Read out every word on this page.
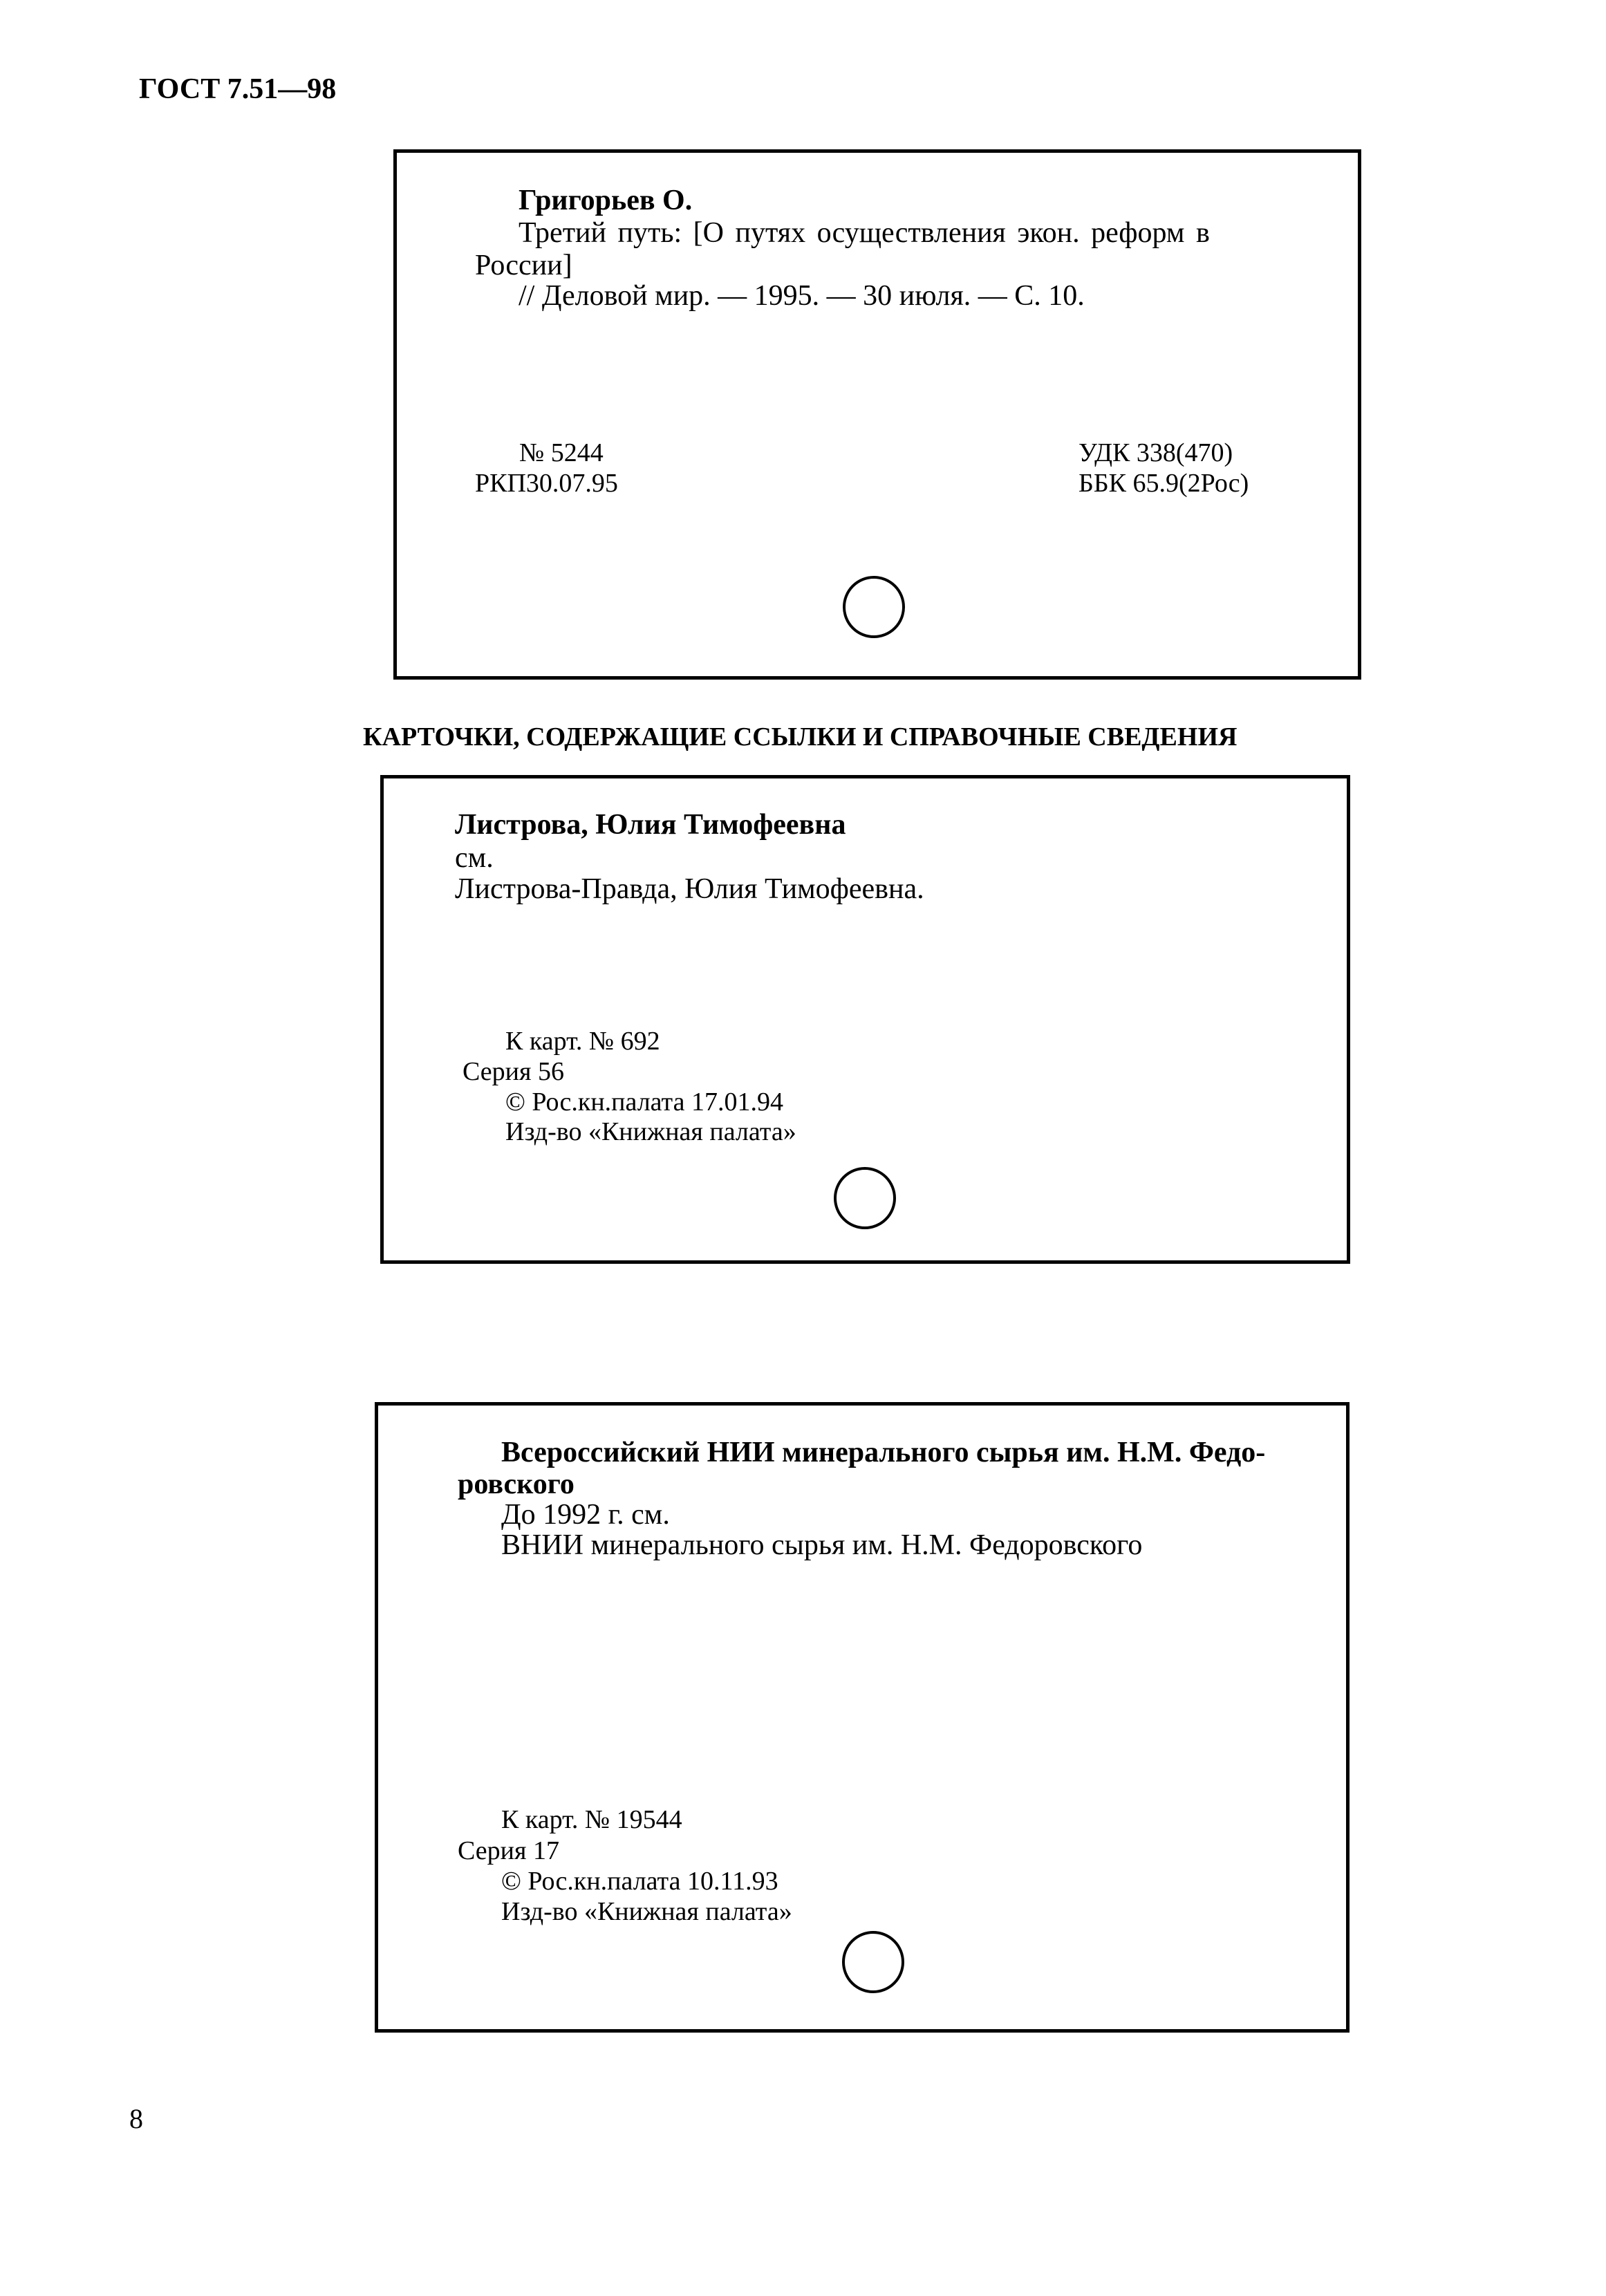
ГОСТ 7.51—98
Григорьев О.
Третий путь: [О путях осуществления экон. реформ в
России]
// Деловой мир. — 1995. — 30 июля. — С. 10.
№ 5244
РКП30.07.95
УДК 338(470)
ББК 65.9(2Рос)
КАРТОЧКИ, СОДЕРЖАЩИЕ ССЫЛКИ И СПРАВОЧНЫЕ СВЕДЕНИЯ
Листрова, Юлия Тимофеевна
см.
Листрова-Правда, Юлия Тимофеевна.
К карт. № 692
Серия 56
© Рос.кн.палата 17.01.94
Изд-во «Книжная палата»
Всероссийский НИИ минерального сырья им. Н.М. Федо-
ровского
До 1992 г. см.
ВНИИ минерального сырья им. Н.М. Федоровского
К карт. № 19544
Серия 17
© Рос.кн.палата 10.11.93
Изд-во «Книжная палата»
8
